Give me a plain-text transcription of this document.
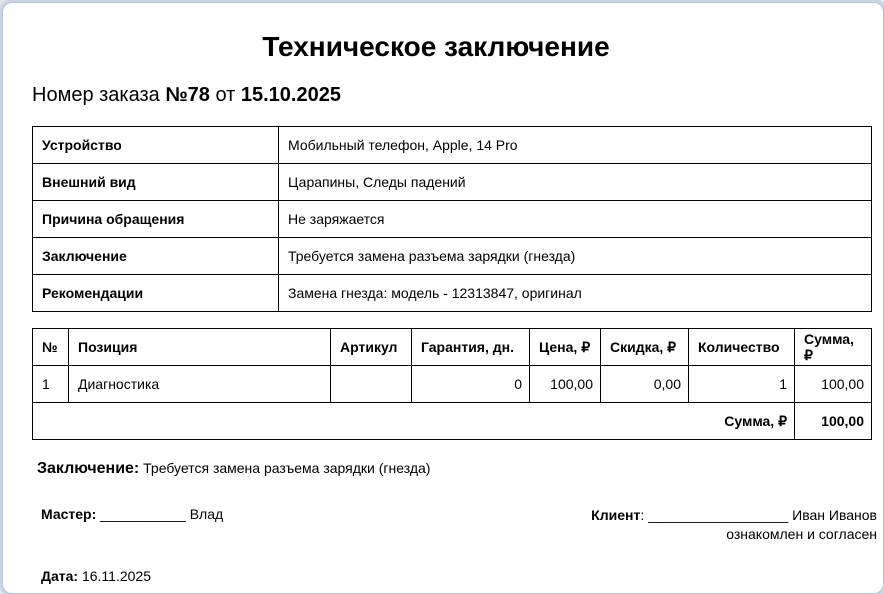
Техническое заключение
Номер заказа №78 от 15.10.2025
Устройство	Мобильный телефон, Apple, 14 Pro
Внешний вид	Царапины, Следы падений
Причина обращения	Не заряжается
Заключение	Требуется замена разъема зарядки (гнезда)
Рекомендации	Замена гнезда: модель - 12313847, оригинал
№	Позиция	Артикул	Гарантия, дн.	Цена, ₽	Скидка, ₽	Количество	Сумма, ₽
1	Диагностика		0	100,00	0,00	1	100,00
Сумма, ₽							100,00
Заключение: Требуется замена разъема зарядки (гнезда)
Мастер: ___________ Влад	Клиент: __________________ Иван Иванов
ознакомлен и согласен
Дата: 16.11.2025
